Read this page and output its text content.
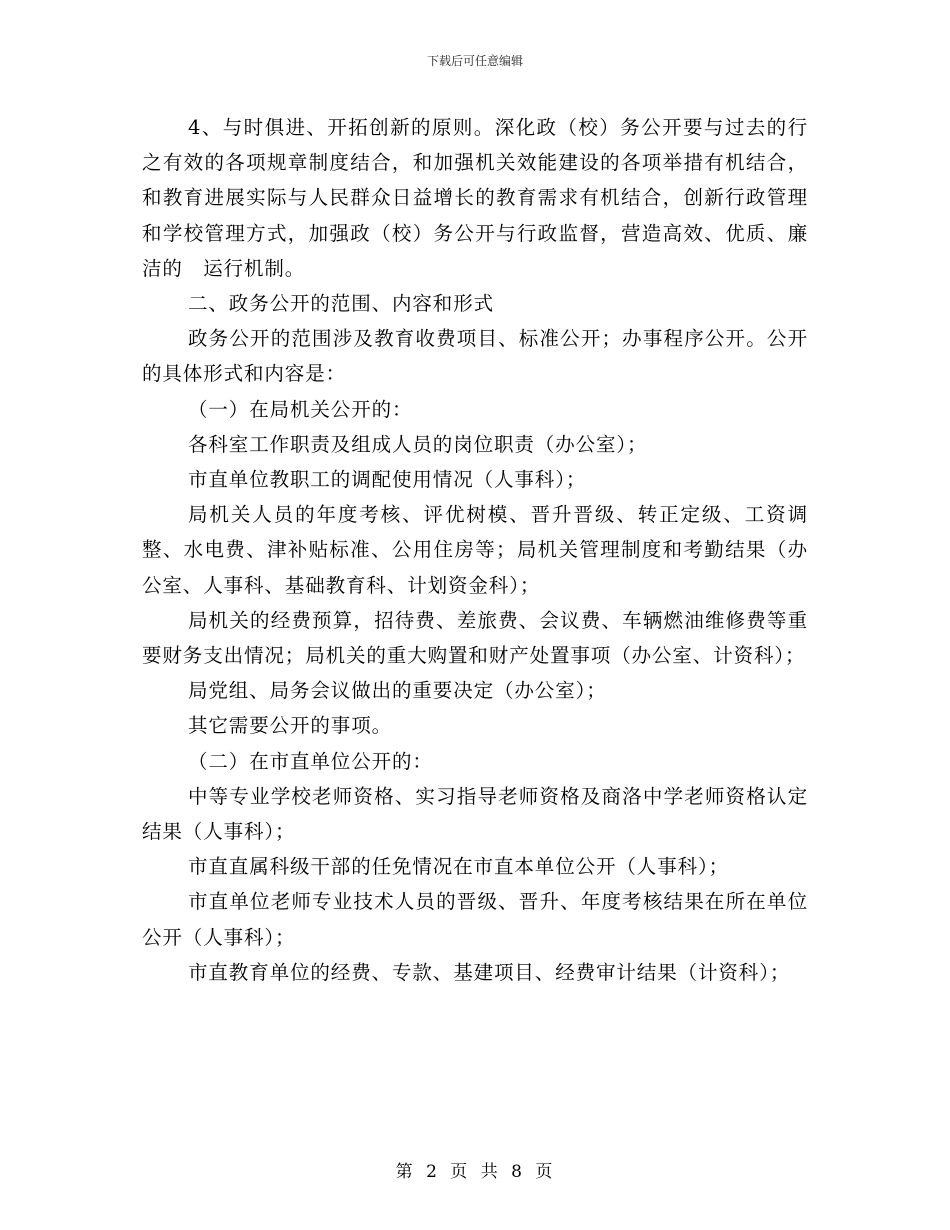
下载后可任意编辑

4、与时俱进、开拓创新的原则。深化政（校）务公开要与过去的行之有效的各项规章制度结合，和加强机关效能建设的各项举措有机结合，和教育进展实际与人民群众日益增长的教育需求有机结合，创新行政管理和学校管理方式，加强政（校）务公开与行政监督，营造高效、优质、廉洁的　运行机制。

二、政务公开的范围、内容和形式

政务公开的范围涉及教育收费项目、标准公开；办事程序公开。公开的具体形式和内容是：

（一）在局机关公开的：

各科室工作职责及组成人员的岗位职责（办公室）；

市直单位教职工的调配使用情况（人事科）；

局机关人员的年度考核、评优树模、晋升晋级、转正定级、工资调整、水电费、津补贴标准、公用住房等；局机关管理制度和考勤结果（办公室、人事科、基础教育科、计划资金科）；

局机关的经费预算，招待费、差旅费、会议费、车辆燃油维修费等重要财务支出情况；局机关的重大购置和财产处置事项（办公室、计资科）；

局党组、局务会议做出的重要决定（办公室）；

其它需要公开的事项。

（二）在市直单位公开的：

中等专业学校老师资格、实习指导老师资格及商洛中学老师资格认定结果（人事科）；

市直直属科级干部的任免情况在市直本单位公开（人事科）；

市直单位老师专业技术人员的晋级、晋升、年度考核结果在所在单位公开（人事科）；

市直教育单位的经费、专款、基建项目、经费审计结果（计资科）；

第 2 页 共 8 页
